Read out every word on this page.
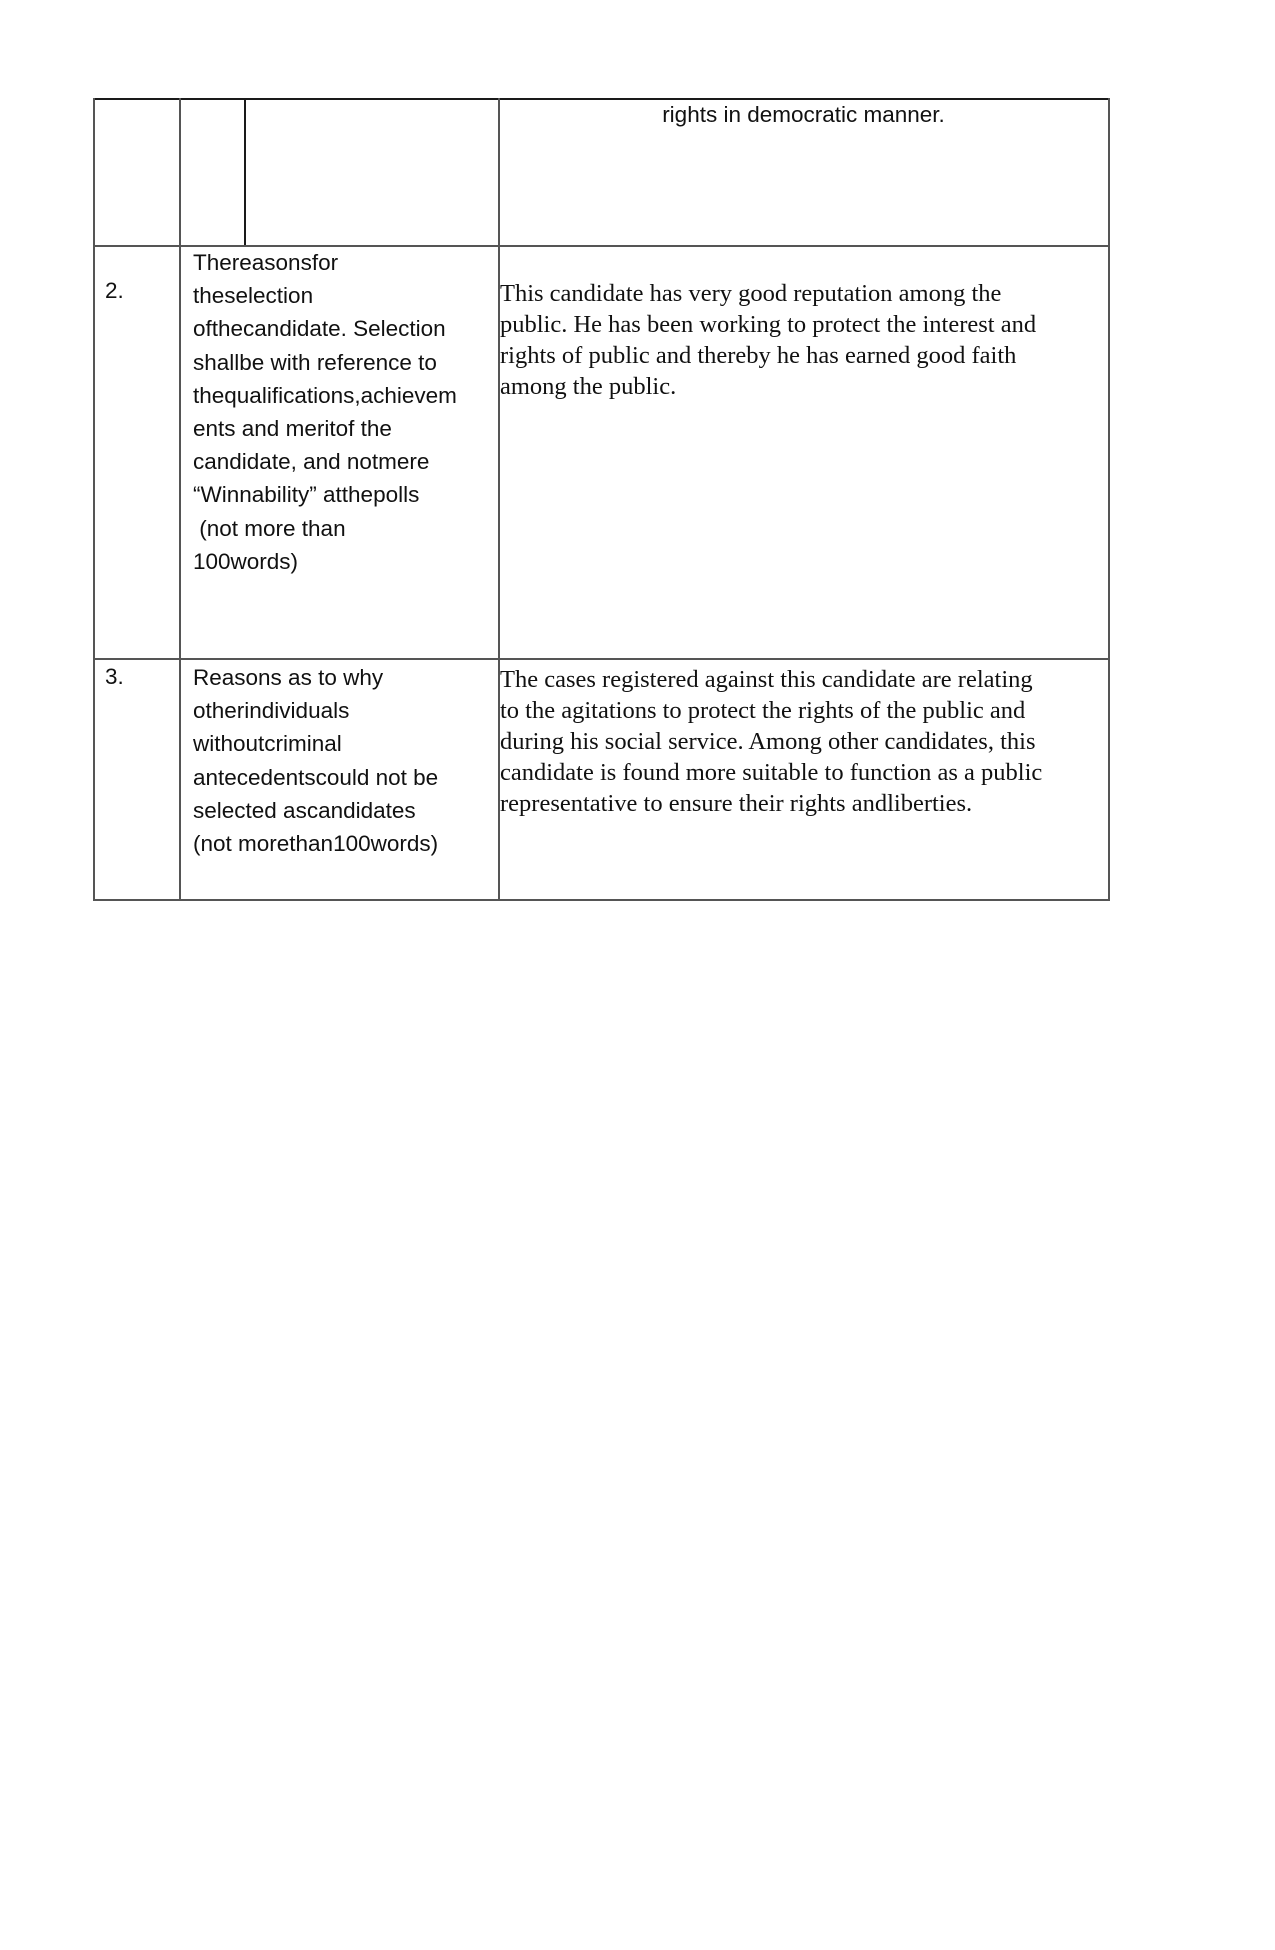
rights in democratic manner.
2.
Thereasonsfor
theselection
ofthecandidate. Selection
shallbe with reference to
thequalifications,achievem
ents and meritof the
candidate, and notmere
“Winnability” atthepolls
(not more than
100words)
This candidate has very good reputation among the
public. He has been working to protect the interest and
rights of public and thereby he has earned good faith
among the public.
3.	Reasons as to why
otherindividuals
withoutcriminal
antecedentscould not be
selected ascandidates
(not morethan100words)
The cases registered against this candidate are relating
to the agitations to protect the rights of the public and
during his social service. Among other candidates, this
candidate is found more suitable to function as a public
representative to ensure their rights andliberties.
